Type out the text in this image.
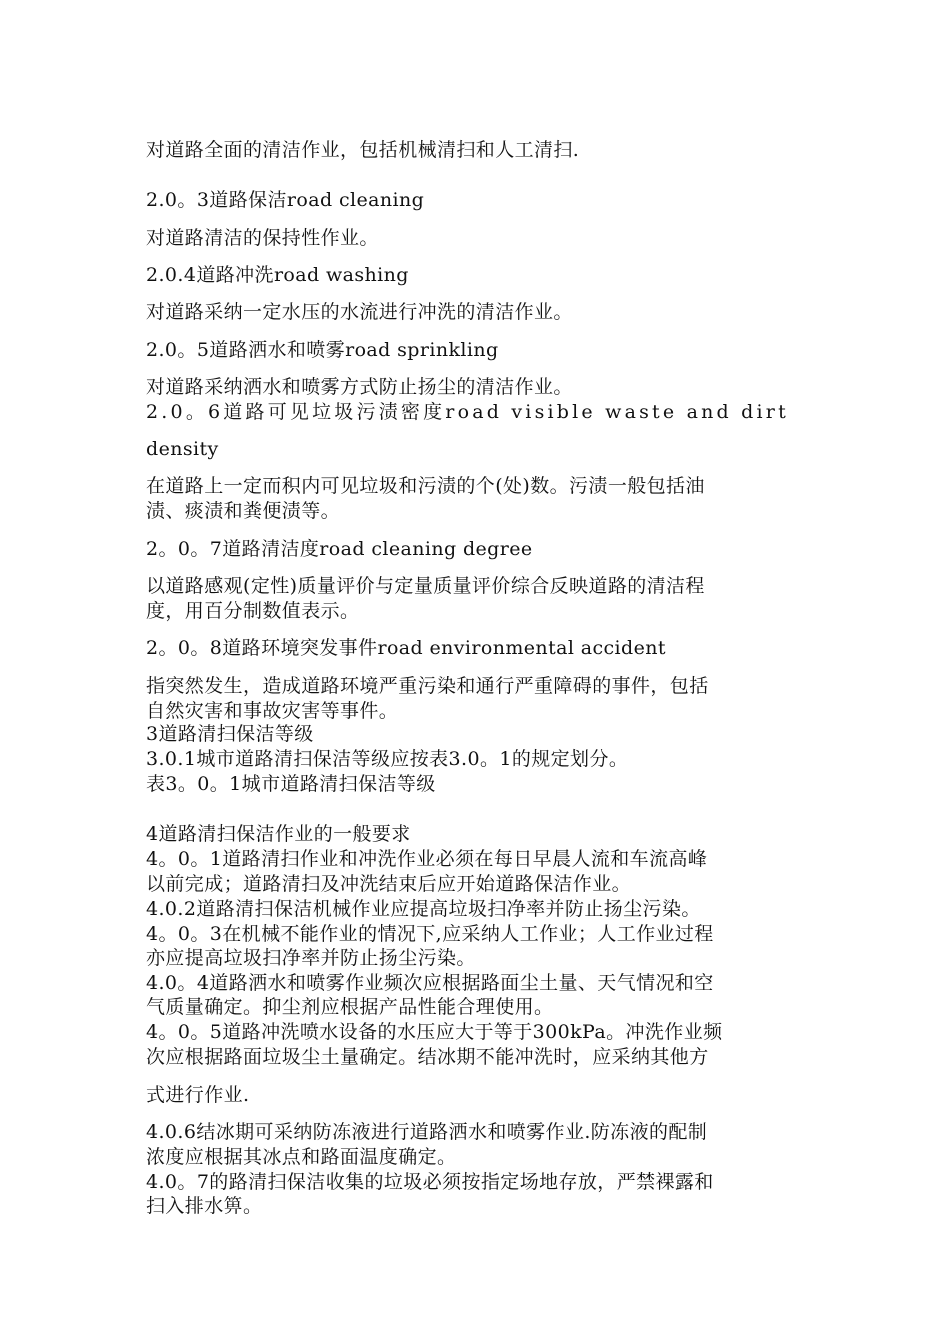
对道路全面的清洁作业，包括机械清扫和人工清扫.
2.0。3道路保洁road cleaning
对道路清洁的保持性作业。
2.0.4道路冲洗road washing
对道路采纳一定水压的水流进行冲洗的清洁作业。
2.0。5道路洒水和喷雾road sprinkling
对道路采纳洒水和喷雾方式防止扬尘的清洁作业。
2.0。6道路可见垃圾污渍密度road visible waste and dirt
density
在道路上一定而积内可见垃圾和污渍的个(处)数。污渍一般包括油
渍、痰渍和粪便渍等。
2。0。7道路清洁度road cleaning degree
以道路感观(定性)质量评价与定量质量评价综合反映道路的清洁程
度，用百分制数值表示。
2。0。8道路环境突发事件road environmental accident
指突然发生，造成道路环境严重污染和通行严重障碍的事件，包括
自然灾害和事故灾害等事件。
3道路清扫保洁等级
3.0.1城市道路清扫保洁等级应按表3.0。1的规定划分。
表3。0。1城市道路清扫保洁等级
4道路清扫保洁作业的一般要求
4。0。1道路清扫作业和冲洗作业必须在每日早晨人流和车流高峰
以前完成；道路清扫及冲洗结束后应开始道路保洁作业。
4.0.2道路清扫保洁机械作业应提高垃圾扫净率并防止扬尘污染。
4。0。3在机械不能作业的情况下,应采纳人工作业；人工作业过程
亦应提高垃圾扫净率并防止扬尘污染。
4.0。4道路洒水和喷雾作业频次应根据路面尘土量、天气情况和空
气质量确定。抑尘剂应根据产品性能合理使用。
4。0。5道路冲洗喷水设备的水压应大于等于300kPa。冲洗作业频
次应根据路面垃圾尘土量确定。结冰期不能冲洗时，应采纳其他方
式进行作业.
4.0.6结冰期可采纳防冻液进行道路洒水和喷雾作业.防冻液的配制
浓度应根据其冰点和路面温度确定。
4.0。7的路清扫保洁收集的垃圾必须按指定场地存放，严禁裸露和
扫入排水箅。
